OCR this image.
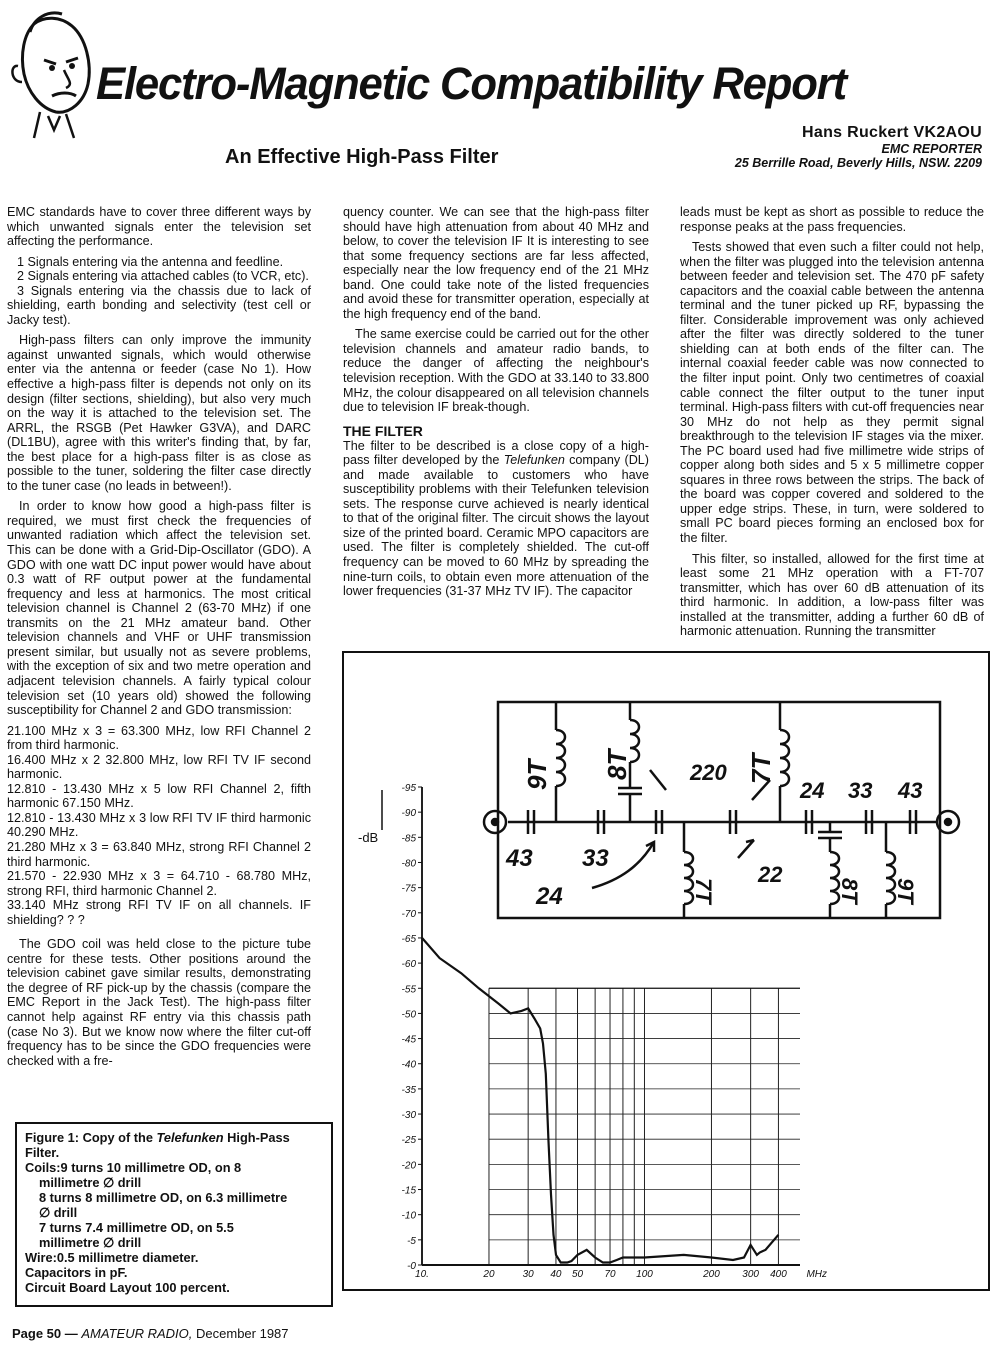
Electro-Magnetic Compatibility Report
An Effective High-Pass Filter
Hans Ruckert VK2AOU
EMC REPORTER
25 Berrille Road, Beverly Hills, NSW. 2209

EMC standards have to cover three different ways by which unwanted signals enter the television set affecting the performance.

1 Signals entering via the antenna and feedline.
2 Signals entering via attached cables (to VCR, etc).

3 Signals entering via the chassis due to lack of shielding, earth bonding and selectivity (test cell or Jacky test).

High-pass filters can only improve the immunity against unwanted signals, which would otherwise enter via the antenna or feeder (case No 1). How effective a high-pass filter is depends not only on its design (filter sections, shielding), but also very much on the way it is attached to the television set. The ARRL, the RSGB (Pet Hawker G3VA), and DARC (DL1BU), agree with this writer's finding that, by far, the best place for a high-pass filter is as close as possible to the tuner, soldering the filter case directly to the tuner case (no leads in between!).

In order to know how good a high-pass filter is required, we must first check the frequencies of unwanted radiation which affect the television set. This can be done with a Grid-Dip-Oscillator (GDO). A GDO with one watt DC input power would have about 0.3 watt of RF output power at the fundamental frequency and less at harmonics. The most critical television channel is Channel 2 (63-70 MHz) if one transmits on the 21 MHz amateur band. Other television channels and VHF or UHF transmission present similar, but usually not as severe problems, with the exception of six and two metre operation and adjacent television channels. A fairly typical colour television set (10 years old) showed the following susceptibility for Channel 2 and GDO transmission:

21.100 MHz x 3 = 63.300 MHz, low RFI Channel 2 from third harmonic.
16.400 MHz x 2 32.800 MHz, low RFI TV IF second harmonic.
12.810 - 13.430 MHz x 5 low RFI Channel 2, fifth harmonic 67.150 MHz.
12.810 - 13.430 MHz x 3 low RFI TV IF third harmonic 40.290 MHz.
21.280 MHz x 3 = 63.840 MHz, strong RFI Channel 2 third harmonic.
21.570 - 22.930 MHz x 3 = 64.710 - 68.780 MHz, strong RFI, third harmonic Channel 2.

33.140 MHz strong RFI TV IF on all channels. IF shielding? ? ?

The GDO coil was held close to the picture tube centre for these tests. Other positions around the television cabinet gave similar results, demonstrating the degree of RF pick-up by the chassis (compare the EMC Report in the Jack Test). The high-pass filter cannot help against RF entry via this chassis path (case No 3). But we know now where the filter cut-off frequency has to be since the GDO frequencies were checked with a fre-

quency counter. We can see that the high-pass filter should have high attenuation from about 40 MHz and below, to cover the television IF It is interesting to see that some frequency sections are far less affected, especially near the low frequency end of the 21 MHz band. One could take note of the listed frequencies and avoid these for transmitter operation, especially at the high frequency end of the band.

The same exercise could be carried out for the other television channels and amateur radio bands, to reduce the danger of affecting the neighbour's television reception. With the GDO at 33.140 to 33.800 MHz, the colour disappeared on all television channels due to television IF break-though.

THE FILTER

The filter to be described is a close copy of a high-pass filter developed by the Telefunken company (DL) and made available to customers who have susceptibility problems with their Telefunken television sets. The response curve achieved is nearly identical to that of the original filter. The circuit shows the layout size of the printed board. Ceramic MPO capacitors are used. The filter is completely shielded. The cut-off frequency can be moved to 60 MHz by spreading the nine-turn coils, to obtain even more attenuation of the lower frequencies (31-37 MHz TV IF). The capacitor

leads must be kept as short as possible to reduce the response peaks at the pass frequencies.

Tests showed that even such a filter could not help, when the filter was plugged into the television antenna between feeder and television set. The 470 pF safety capacitors and the coaxial cable between the antenna terminal and the tuner picked up RF, bypassing the filter. Considerable improvement was only achieved after the filter was directly soldered to the tuner shielding can at both ends of the filter can. The internal coaxial feeder cable was now connected to the filter input point. Only two centimetres of coaxial cable connect the filter output to the tuner input terminal. High-pass filters with cut-off frequencies near 30 MHz do not help as they permit signal breakthrough to the television IF stages via the mixer. The PC board used had five millimetre wide strips of copper along both sides and 5 x 5 millimetre copper squares in three rows between the strips. The back of the board was copper covered and soldered to the upper edge strips. These, in turn, were soldered to small PC board pieces forming an enclosed box for the filter.

This filter, so installed, allowed for the first time at least some 21 MHz operation with a FT-707 transmitter, which has over 60 dB attenuation of its third harmonic. In addition, a low-pass filter was installed at the transmitter, adding a further 60 dB of harmonic attenuation. Running the transmitter

9T 8T	7T
220
43 33
24
22
24 33 43
7T	8T 9T
-dB
-0
-5
-10
-15
-20
-25
-30
-35
-40
-45
-50
-55
-60
-65
-70
-75
-80
-85
-90
-95
10.	20	30 40 50 70 100	200 300 400 MHz
Figure 1: Copy of the Telefunken High-Pass Filter.
Coils:9 turns 10 millimetre OD, on 8
millimetre ∅ drill
8 turns 8 millimetre OD, on 6.3 millimetre
∅ drill
7 turns 7.4 millimetre OD, on 5.5
millimetre ∅ drill
Wire:0.5 millimetre diameter.
Capacitors in pF.
Circuit Board Layout 100 percent.
Page 50 — AMATEUR RADIO, December 1987
